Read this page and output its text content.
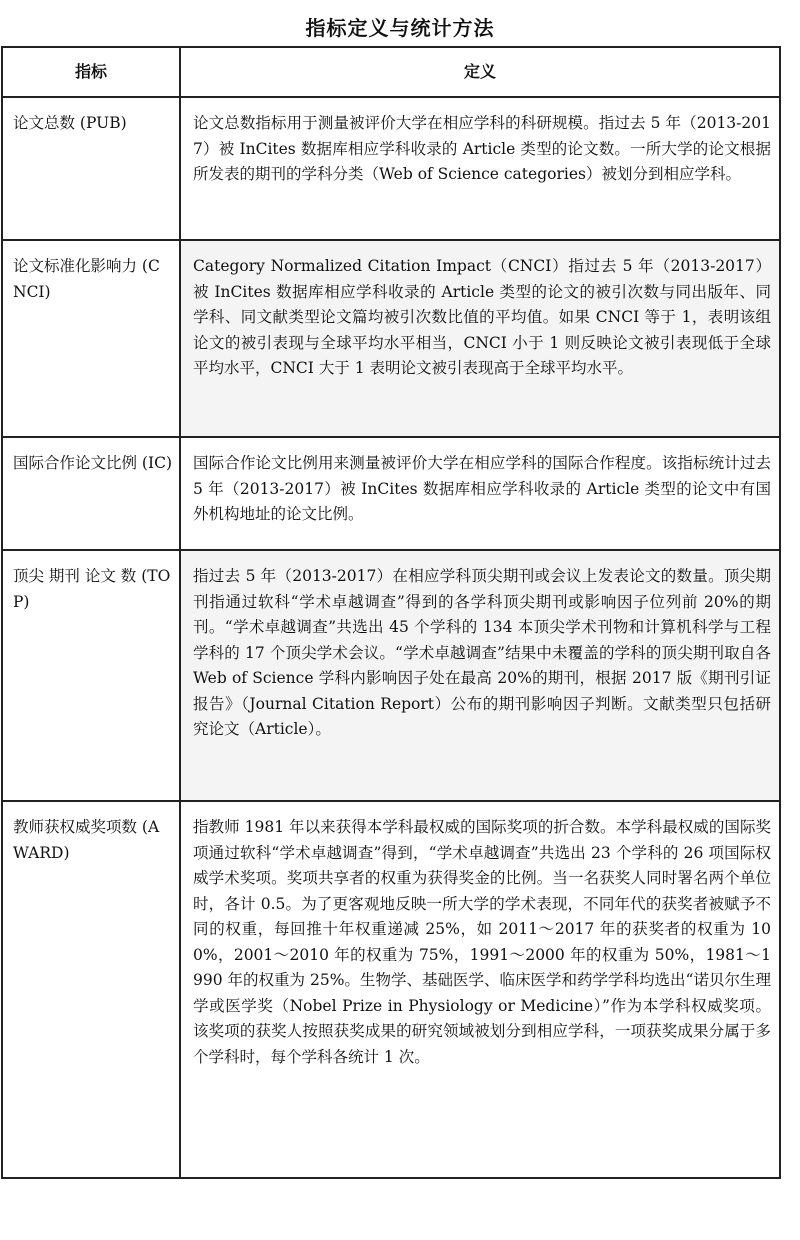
指标定义与统计方法
指标	定义
论文总数 (PUB)	论文总数指标用于测量被评价大学在相应学科的科研规模。指过去 5 年（2013-2017）被 InCites 数据库相应学科收录的 Article 类型的论文数。一所大学的论文根据所发表的期刊的学科分类（Web of Science categories）被划分到相应学科。
论文标准化影响力 (CNCI)	Category Normalized Citation Impact（CNCI）指过去 5 年（2013-2017）被 InCites 数据库相应学科收录的 Article 类型的论文的被引次数与同出版年、同学科、同文献类型论文篇均被引次数比值的平均值。如果 CNCI 等于 1，表明该组论文的被引表现与全球平均水平相当，CNCI 小于 1 则反映论文被引表现低于全球平均水平，CNCI 大于 1 表明论文被引表现高于全球平均水平。
国际合作论文比例 (IC)	国际合作论文比例用来测量被评价大学在相应学科的国际合作程度。该指标统计过去 5 年（2013-2017）被 InCites 数据库相应学科收录的 Article 类型的论文中有国外机构地址的论文比例。
顶尖 期刊 论文 数 (TOP)	指过去 5 年（2013-2017）在相应学科顶尖期刊或会议上发表论文的数量。顶尖期刊指通过软科“学术卓越调查”得到的各学科顶尖期刊或影响因子位列前 20%的期刊。“学术卓越调查”共选出 45 个学科的 134 本顶尖学术刊物和计算机科学与工程学科的 17 个顶尖学术会议。“学术卓越调查”结果中未覆盖的学科的顶尖期刊取自各 Web of Science 学科内影响因子处在最高 20%的期刊，根据 2017 版《期刊引证报告》（Journal Citation Report）公布的期刊影响因子判断。文献类型只包括研究论文（Article）。
教师获权威奖项数 (AWARD)	指教师 1981 年以来获得本学科最权威的国际奖项的折合数。本学科最权威的国际奖项通过软科“学术卓越调查”得到，“学术卓越调查”共选出 23 个学科的 26 项国际权威学术奖项。奖项共享者的权重为获得奖金的比例。当一名获奖人同时署名两个单位时，各计 0.5。为了更客观地反映一所大学的学术表现，不同年代的获奖者被赋予不同的权重，每回推十年权重递减 25%，如 2011～2017 年的获奖者的权重为 100%，2001～2010 年的权重为 75%，1991～2000 年的权重为 50%，1981～1990 年的权重为 25%。生物学、基础医学、临床医学和药学学科均选出“诺贝尔生理学或医学奖（Nobel Prize in Physiology or Medicine）”作为本学科权威奖项。该奖项的获奖人按照获奖成果的研究领域被划分到相应学科，一项获奖成果分属于多个学科时，每个学科各统计 1 次。
